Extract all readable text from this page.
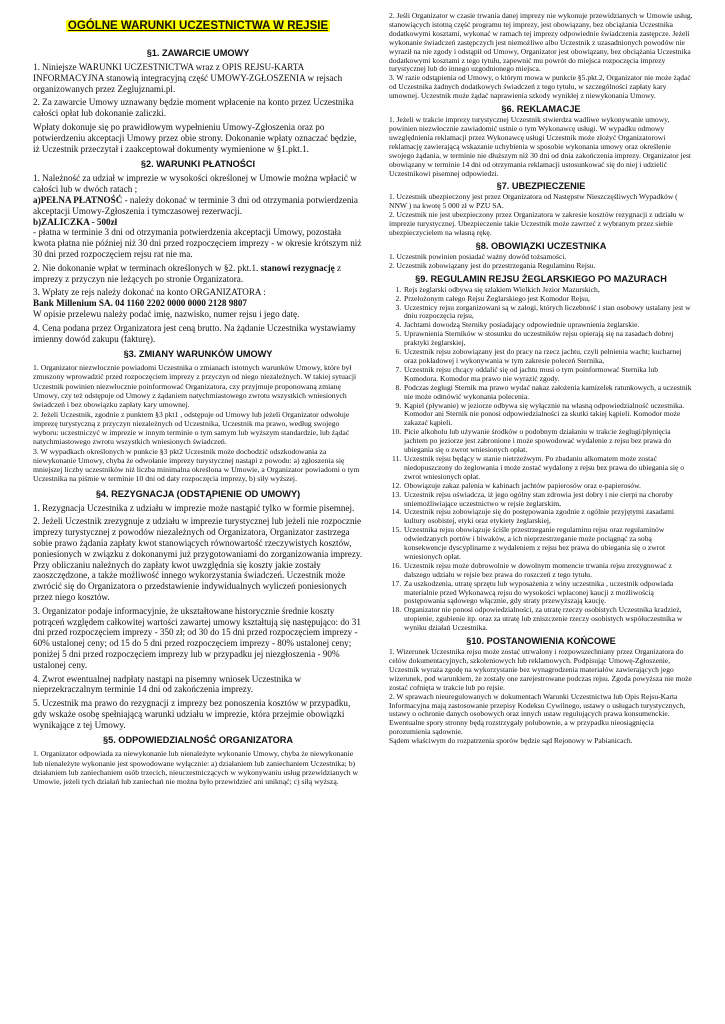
OGÓLNE WARUNKI UCZESTNICTWA W REJSIE
§1. ZAWARCIE UMOWY

1. Niniejsze WARUNKI UCZESTNICTWA wraz z OPIS REJSU-KARTA INFORMACYJNA stanowią integracyjną część UMOWY-ZGŁOSZENIA w rejsach organizowanych przez Zeglujznami.pl.

2. Za zawarcie Umowy uznawany będzie moment wpłacenie na konto przez Uczestnika całości opłat lub dokonanie zaliczki.

Wpłaty dokonuje się po prawidłowym wypełnieniu Umowy-Zgłoszenia oraz po potwierdzeniu akceptacji Umowy przez obie strony. Dokonanie wpłaty oznaczać będzie, iż Uczestnik przeczytał i zaakceptował dokumenty wymienione w §1.pkt.1.

§2. WARUNKI PŁATNOŚCI

1. Należność za udział w imprezie w wysokości określonej w Umowie można wpłacić w całości lub w dwóch ratach ;
a)PEŁNA PŁATNOŚĆ - należy dokonać w terminie 3 dni od otrzymania potwierdzenia akceptacji Umowy-Zgłoszenia i tymczasowej rezerwacji.
b)ZALICZKA - 500zł
- płatna w terminie 3 dni od otrzymania potwierdzenia akceptacji Umowy, pozostała kwota płatna nie później niż 30 dni przed rozpoczęciem imprezy - w okresie krótszym niż 30 dni przed rozpoczęciem rejsu rat nie ma.

2. Nie dokonanie wpłat w terminach określonych w §2. pkt.1. stanowi rezygnację z imprezy z przyczyn nie leżących po stronie Organizatora.

3. Wpłaty ze rejs należy dokonać na konto ORGANIZATORA :
Bank Millenium SA. 04 1160 2202 0000 0000 2128 9807
W opisie przelewu należy podać imię, nazwisko, numer rejsu i jego datę.

4. Cena podana przez Organizatora jest ceną brutto. Na żądanie Uczestnika wystawiamy imienny dowód zakupu (fakturę).

§3. ZMIANY WARUNKÓW UMOWY

1. Organizator niezwłocznie powiadomi Uczestnika o zmianach istotnych warunków Umowy, które był zmuszony wprowadzić przed rozpoczęciem imprezy z przyczyn od niego niezależnych. W takiej sytuacji Uczestnik powinien niezwłocznie poinformować Organizatora, czy przyjmuje proponowaną zmianę Umowy, czy też odstępuje od Umowy z żądaniem natychmiastowego zwrotu wszystkich wniesionych świadczeń i bez obowiązku zapłaty kary umownej.

2. Jeżeli Uczestnik, zgodnie z punktem §3 pkt1 , odstępuje od Umowy lub jeżeli Organizator odwołuje imprezę turystyczną z przyczyn niezależnych od Uczestnika, Uczestnik ma prawo, według swojego wyboru: uczestniczyć w imprezie w innym terminie o tym samym lub wyższym standardzie, lub żądać natychmiastowego zwrotu wszystkich wniesionych świadczeń.

3. W wypadkach określonych w punkcie §3 pkt2 Uczestnik może dochodzić odszkodowania za niewykonanie Umowy, chyba że odwołanie imprezy turystycznej nastąpi z powodu: a) zgłoszenia się mniejszej liczby uczestników niż liczba minimalna określona w Umowie, a Organizator powiadomi o tym Uczestnika na piśmie w terminie 10 dni od daty rozpoczęcia imprezy, b) siły wyższej.

§4. REZYGNACJA (ODSTĄPIENIE OD UMOWY)

1. Rezygnacja Uczestnika z udziału w imprezie może nastąpić tylko w formie pisemnej.

2. Jeżeli Uczestnik zrezygnuje z udziału w imprezie turystycznej lub jeżeli nie rozpocznie imprezy turystycznej z powodów niezależnych od Organizatora, Organizator zastrzega sobie prawo żądania zapłaty kwot stanowiących równowartość rzeczywistych kosztów, poniesionych w związku z dokonanymi już przygotowaniami do zorganizowania imprezy. Przy obliczaniu należnych do zapłaty kwot uwzględnia się koszty jakie zostały zaoszczędzone, a także możliwość innego wykorzystania świadczeń. Uczestnik może zwrócić się do Organizatora o przedstawienie indywidualnych wyliczeń poniesionych przez niego kosztów.

3. Organizator podaje informacyjnie, że ukształtowane historycznie średnie koszty potrąceń względem całkowitej wartości zawartej umowy kształtują się następująco: do 31 dni przed rozpoczęciem imprezy - 350 zł; od 30 do 15 dni przed rozpoczęciem imprezy - 60% ustalonej ceny; od 15 do 5 dni przed rozpoczęciem imprezy - 80% ustalonej ceny; poniżej 5 dni przed rozpoczęciem imprezy lub w przypadku jej niezgłoszenia - 90% ustalonej ceny.

4. Zwrot ewentualnej nadpłaty nastąpi na pisemny wniosek Uczestnika w nieprzekraczalnym terminie 14 dni od zakończenia imprezy.

5. Uczestnik ma prawo do rezygnacji z imprezy bez ponoszenia kosztów w przypadku, gdy wskaże osobę spełniającą warunki udziału w imprezie, która przejmie obowiązki wynikające z tej Umowy.

§5. ODPOWIEDZIALNOŚĆ ORGANIZATORA

1. Organizator odpowiada za niewykonanie lub nienależyte wykonanie Umowy, chyba że niewykonanie lub nienależyte wykonanie jest spowodowane wyłącznie: a) działaniem lub zaniechaniem Uczestnika; b) działaniem lub zaniechaniem osób trzecich, nieuczestniczących w wykonywaniu usług przewidzianych w Umowie, jeżeli tych działań lub zaniechań nie można było przewidzieć ani uniknąć; c) siłą wyższą.

2. Jeśli Organizator w czasie trwania danej imprezy nie wykonuje przewidzianych w Umowie usług, stanowiących istotną część programu tej imprezy, jest obowiązany, bez obciążania Uczestnika dodatkowymi kosztami, wykonać w ramach tej imprezy odpowiednie świadczenia zastępcze. Jeżeli wykonanie świadczeń zastępczych jest niemożliwe albo Uczestnik z uzasadnionych powodów nie wyraził na nie zgody i odstąpił od Umowy, Organizator jest obowiązany, bez obciążania Uczestnika dodatkowymi kosztami z tego tytułu, zapewnić mu powrót do miejsca rozpoczęcia imprezy turystycznej lub do innego uzgodnionego miejsca.

3. W razie odstąpienia od Umowy, o którym mowa w punkcie §5.pkt.2, Organizator nie może żądać od Uczestnika żadnych dodatkowych świadczeń z tego tytułu, w szczególności zapłaty kary umownej. Uczestnik może żądać naprawienia szkody wynikłej z niewykonania Umowy.

§6. REKLAMACJE

1. Jeżeli w trakcie imprezy turystycznej Uczestnik stwierdza wadliwe wykonywanie umowy, powinien niezwłocznie zawiadomić ustnie o tym Wykonawcę usługi. W wypadku odmowy uwzględnienia reklamacji przez Wykonawcę usługi Uczestnik może złożyć Organizatorowi reklamację zawierającą wskazanie uchybienia w sposobie wykonania umowy oraz określenie swojego żądania, w terminie nie dłuższym niż 30 dni od dnia zakończenia imprezy. Organizator jest obowiązany w terminie 14 dni od otrzymania reklamacji ustosunkować się do niej i udzielić Uczestnikowi pisemnej odpowiedzi.

§7. UBEZPIECZENIE

1. Uczestnik ubezpieczony jest przez Organizatora od Następstw Nieszczęśliwych Wypadków ( NNW ) na kwotę 5 000 zł w PZU SA.

2. Uczestnik nie jest ubezpieczony przez Organizatora w zakresie kosztów rezygnacji z udziału w imprezie turystycznej. Ubezpieczenie takie Uczestnik może zawrzeć z wybranym przez siebie ubezpieczycielem na własną rękę.

§8. OBOWIĄZKI UCZESTNIKA

1. Uczestnik powinien posiadać ważny dowód tożsamości.

2. Uczestnik zobowiązany jest do przestrzegania Regulaminu Rejsu.

§9. REGULAMIN REJSU ŻEGLARSKIEGO PO MAZURACH
1. Rejs żeglarski odbywa się szlakiem Wielkich Jezior Mazurskich,
2. Przełożonym całego Rejsu Żeglarskiego jest Komodor Rejsu,
3. Uczestnicy rejsu zorganizowani są w załogi, których liczebność i stan osobowy ustalany jest w dniu rozpoczęcia rejsu,
4. Jachtami dowodzą Sterniky posiadający odpowiednie uprawnienia żeglarskie.
5. Uprawnienia Sterników w stosunku do uczestników rejsu opierają się na zasadach dobrej praktyki żeglarskiej,
6. Uczestnik rejsu zobowiązany jest do pracy na rzecz jachtu, czyli pełnienia wacht; kucharnej oraz pokładowej i wykonywania w tym zakresie poleceń Sternika,
7. Uczestnik rejsu chcący oddalić się od jachtu musi o tym poinformować Sternika lub Komodora. Komodor ma prawo nie wyrazić zgody.
8. Podczas żeglugi Sternik ma prawo wydać nakaz założenia kamizelek ratunkowych, a uczestnik nie może odmówić wykonania polecenia.
9. Kąpiel (pływanie) w jeziorze odbywa się wyłącznie na własną odpowiedzialność uczestnika. Komodor ani Sternik nie ponosi odpowiedzialności za skutki takiej kąpieli. Komodor może zakazać kąpieli.
10. Picie alkoholu lub używanie środków o podobnym działaniu w trakcie żeglugi/płynięcia jachtem po jeziorze jest zabronione i może spowodować wydalenie z rejsu bez prawa do ubiegania się o zwrot wniesionych opłat.
11. Uczestnik rejsu będący w stanie nietrzeźwym. Po zbadaniu alkomatem może zostać niedopuszczony do żeglowania i może zostać wydalony z rejsu bez prawa do ubiegania się o zwrot wniesionych opłat.
12. Obowiązuje zakaz palenia w kabinach jachtów papierosów oraz e-papierosów.
13. Uczestnik rejsu oświadcza, iż jego ogólny stan zdrowia jest dobry i nie cierpi na choroby uniemożliwiające uczestnictwo w rejsie żeglarskim,
14. Uczestnik rejsu zobowiązuje się do postępowania zgodnie z ogólnie przyjętymi zasadami kultury osobistej, etyki oraz etykiety żeglarskiej,
15. Uczestnika rejsu obowiązuje ściśle przestrzeganie regulaminu rejsu oraz regulaminów odwiedzanych portów i biwaków, a ich nieprzestrzeganie może pociągnąć za sobą konsekwencje dyscyplinarne z wydaleniem z rejsu bez prawa do ubiegania się o zwrot wniesionych opłat.
16. Uczestnik rejsu może dobrowolnie w dowolnym momencie trwania rejsu zrezygnować z dalszego udziału w rejsie bez prawa do roszczeń z tego tytułu.
17. Za uszkodzenia, utratę sprzętu lub wyposażenia z winy uczestnika , uczestnik odpowiada materialnie przed Wykonawcą rejsu do wysokości wpłaconej kaucji z możliwością postępowania sądowego włącznie, gdy straty przewyższają kaucję.
18. Organizator nie ponosi odpowiedzialności, za utratę rzeczy osobistych Uczestnika kradzież, utopienie, zgubienie itp. oraz za utratę lub zniszczenie rzeczy osobistych współuczestnika w wyniku działań Uczestnika.
§10. POSTANOWIENIA KOŃCOWE

1. Wizerunek Uczestnika rejsu może zostać utrwalony i rozpowszechniany przez Organizatora do celów dokumentacyjnych, szkoleniowych lub reklamowych. Podpisując Umowę-Zgłoszenie, Uczestnik wyraża zgodę na wykorzystanie bez wynagrodzenia materiałów zawierających jego wizerunek, pod warunkiem, że zostały one zarejestrowane podczas rejsu. Zgoda powyższa nie może zostać cofnięta w trakcie lub po rejsie.

2. W sprawach nieuregulowanych w dokumentach Warunki Uczestnictwa lub Opis Rejsu-Karta Informacyjna mają zastosowanie przepisy Kodeksu Cywilnego, ustawy o usługach turystycznych, ustawy o ochronie danych osobowych oraz innych ustaw regulujących prawa konsumenckie. Ewentualne spory stronny będą rozstrzygały polubownie, a w przypadku nieosiągnięcia porozumienia sądownie.

Sądem właściwym do rozpatrzenia sporów będzie sąd Rejonowy w Pabianicach.
